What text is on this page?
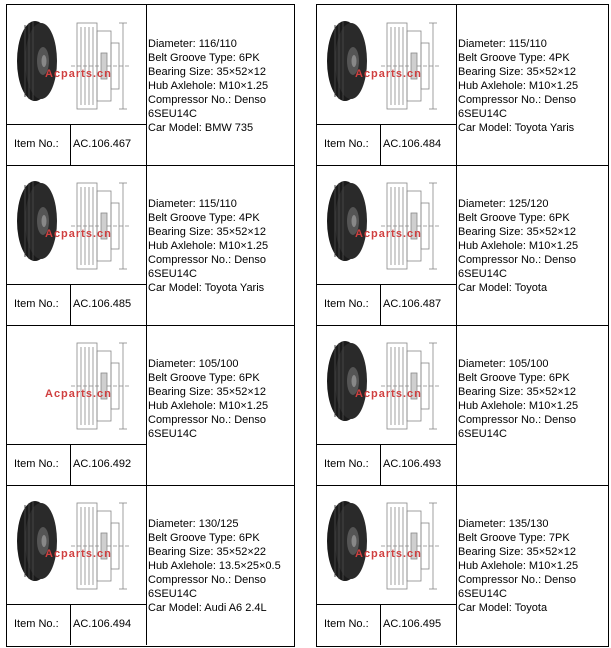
Acparts.cn
Item No.: AC.106.467
Diameter: 116/110
Belt Groove Type: 6PK
Bearing Size: 35×52×12
Hub Axlehole: M10×1.25
Compressor No.: Denso
6SEU14C
Car Model: BMW 735
Acparts.cn
Item No.: AC.106.485
Diameter: 115/110
Belt Groove Type: 4PK
Bearing Size: 35×52×12
Hub Axlehole: M10×1.25
Compressor No.: Denso
6SEU14C
Car Model: Toyota Yaris
Acparts.cn
Item No.: AC.106.492
Diameter: 105/100
Belt Groove Type: 6PK
Bearing Size: 35×52×12
Hub Axlehole: M10×1.25
Compressor No.: Denso
6SEU14C
Acparts.cn
Item No.: AC.106.494
Diameter: 130/125
Belt Groove Type: 6PK
Bearing Size: 35×52×22
Hub Axlehole: 13.5×25×0.5
Compressor No.: Denso
6SEU14C
Car Model: Audi A6 2.4L
Acparts.cn
Item No.: AC.106.484
Diameter: 115/110
Belt Groove Type: 4PK
Bearing Size: 35×52×12
Hub Axlehole: M10×1.25
Compressor No.: Denso
6SEU14C
Car Model: Toyota Yaris
Acparts.cn
Item No.: AC.106.487
Diameter: 125/120
Belt Groove Type: 6PK
Bearing Size: 35×52×12
Hub Axlehole: M10×1.25
Compressor No.: Denso
6SEU14C
Car Model: Toyota
Acparts.cn
Item No.: AC.106.493
Diameter: 105/100
Belt Groove Type: 6PK
Bearing Size: 35×52×12
Hub Axlehole: M10×1.25
Compressor No.: Denso
6SEU14C
Acparts.cn
Item No.: AC.106.495
Diameter: 135/130
Belt Groove Type: 7PK
Bearing Size: 35×52×12
Hub Axlehole: M10×1.25
Compressor No.: Denso
6SEU14C
Car Model: Toyota
